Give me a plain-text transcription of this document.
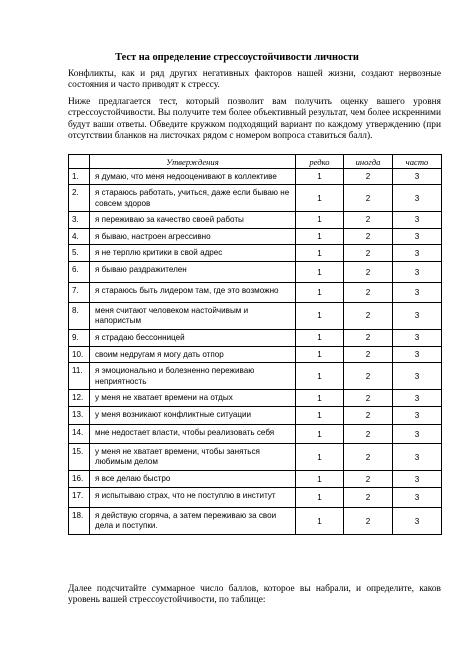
Тест на определение стрессоустойчивости личности
Конфликты, как и ряд других негативных факторов нашей жизни, создают нервозные состояния и часто приводят к стрессу.
Ниже предлагается тест, который позволит вам получить оценку вашего уровня стрессоустойчивости. Вы получите тем более объективный результат, чем более искренними будут ваши ответы. Обведите кружком подходящий вариант по каждому утверждению (при отсутствии бланков на листочках рядом с номером вопроса ставиться балл).
	Утверждения	редко	иногда	часто
1.	я думаю, что меня недооценивают в коллективе	1	2	3
2.	я стараюсь работать, учиться, даже если бываю не совсем здоров	1	2	3
3.	я переживаю за качество своей работы	1	2	3
4.	я бываю, настроен агрессивно	1	2	3
5.	я не терплю критики в свой адрес	1	2	3
6.	я бываю раздражителен	1	2	3
7.	я стараюсь быть лидером там, где это возможно	1	2	3
8.	меня считают человеком настойчивым и напористым	1	2	3
9.	я страдаю бессонницей	1	2	3
10.	своим недругам я могу дать отпор	1	2	3
11.	я эмоционально и болезненно переживаю неприятность	1	2	3
12.	у меня не хватает времени на отдых	1	2	3
13.	у меня возникают конфликтные ситуации	1	2	3
14.	мне недостает власти, чтобы реализовать себя	1	2	3
15.	у меня не хватает времени, чтобы заняться любимым делом	1	2	3
16.	я все делаю быстро	1	2	3
17.	я испытываю страх, что не поступлю в институт	1	2	3
18.	я действую сгоряча, а затем переживаю за свои дела и поступки.	1	2	3
Далее подсчитайте суммарное число баллов, которое вы набрали, и определите, каков уровень вашей стрессоустойчивости, по таблице:
